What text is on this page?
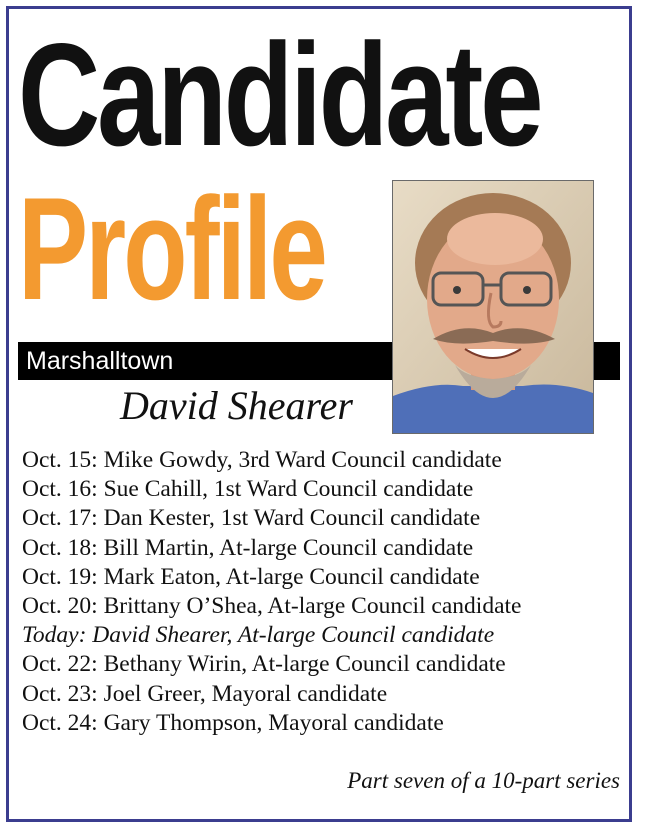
Candidate
Profile
Marshalltown
David Shearer
Oct. 15: Mike Gowdy, 3rd Ward Council candidate
Oct. 16: Sue Cahill, 1st Ward Council candidate
Oct. 17: Dan Kester, 1st Ward Council candidate
Oct. 18: Bill Martin, At-large Council candidate
Oct. 19: Mark Eaton, At-large Council candidate
Oct. 20: Brittany O’Shea, At-large Council candidate
Today: David Shearer, At-large Council candidate
Oct. 22: Bethany Wirin, At-large Council candidate
Oct. 23: Joel Greer, Mayoral candidate
Oct. 24: Gary Thompson, Mayoral candidate
Part seven of a 10-part series
